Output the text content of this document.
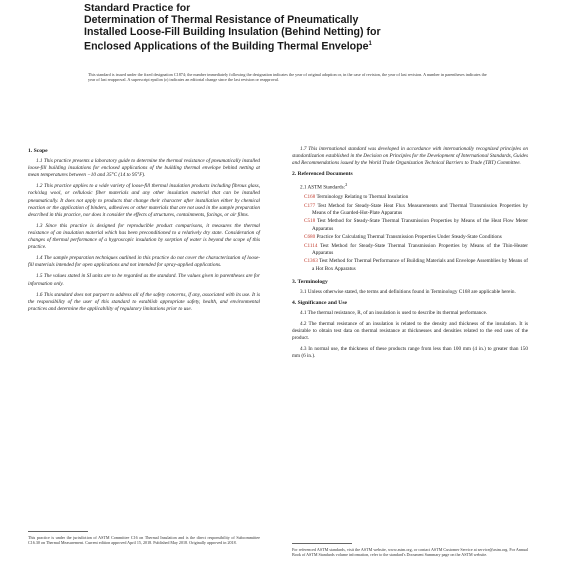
Standard Practice for
Determination of Thermal Resistance of Pneumatically
Installed Loose-Fill Building Insulation (Behind Netting) for
Enclosed Applications of the Building Thermal Envelope$^1$
This standard is issued under the fixed designation C1874; the number immediately following the designation indicates the year of original adoption or, in the case of revision, the year of last revision. A number in parentheses indicates the year of last reapproval. A superscript epsilon (ε) indicates an editorial change since the last revision or reapproval.
1. Scope
1.1 This practice presents a laboratory guide to determine the thermal resistance of pneumatically installed loose-fill building insulations for enclosed applications of the building thermal envelope behind netting at mean temperatures between −10 and 35°C (14 to 95°F).
1.2 This practice applies to a wide variety of loose-fill thermal insulation products including fibrous glass, rock/slag wool, or cellulosic fiber materials and any other insulation material that can be installed pneumatically. It does not apply to products that change their character after installation either by chemical reaction or the application of binders, adhesives or other materials that are not used in the sample preparation described in this practice, nor does it consider the effects of structures, containments, facings, or air films.
1.3 Since this practice is designed for reproducible product comparisons, it measures the thermal resistance of an insulation material which has been preconditioned to a relatively dry state. Consideration of changes of thermal performance of a hygroscopic insulation by sorption of water is beyond the scope of this practice.
1.4 The sample preparation techniques outlined in this practice do not cover the characterization of loose-fill materials intended for open applications and not intended for spray-applied applications.
1.5 The values stated in SI units are to be regarded as the standard. The values given in parentheses are for information only.
1.6 This standard does not purport to address all of the safety concerns, if any, associated with its use. It is the responsibility of the user of this standard to establish appropriate safety, health, and environmental practices and determine the applicability of regulatory limitations prior to use.
1.7 This international standard was developed in accordance with internationally recognized principles on standardization established in the Decision on Principles for the Development of International Standards, Guides and Recommendations issued by the World Trade Organization Technical Barriers to Trade (TBT) Committee.
2. Referenced Documents
2.1 ASTM Standards:$^2$
C168 Terminology Relating to Thermal Insulation
C177 Test Method for Steady-State Heat Flux Measurements and Thermal Transmission Properties by Means of the Guarded-Hot-Plate Apparatus
C518 Test Method for Steady-State Thermal Transmission Properties by Means of the Heat Flow Meter Apparatus
C680 Practice for Calculating Thermal Transmission Properties Under Steady-State Conditions
C1114 Test Method for Steady-State Thermal Transmission Properties by Means of the Thin-Heater Apparatus
C1363 Test Method for Thermal Performance of Building Materials and Envelope Assemblies by Means of a Hot Box Apparatus
3. Terminology
3.1 Unless otherwise stated, the terms and definitions found in Terminology C168 are applicable herein.
4. Significance and Use
4.1 The thermal resistance, R, of an insulation is used to describe its thermal performance.
4.2 The thermal resistance of an insulation is related to the density and thickness of the insulation. It is desirable to obtain test data on thermal resistance at thicknesses and densities related to the end uses of the product.
4.3 In normal use, the thickness of these products range from less than 100 mm (4 in.) to greater than 150 mm (6 in.).
This practice is under the jurisdiction of ASTM Committee C16 on Thermal Insulation and is the direct responsibility of Subcommittee C16.30 on Thermal Measurement. Current edition approved April 15, 2018. Published May 2018. Originally approved in 2018.
For referenced ASTM standards, visit the ASTM website, www.astm.org, or contact ASTM Customer Service at service@astm.org. For Annual Book of ASTM Standards volume information, refer to the standard's Document Summary page on the ASTM website.
